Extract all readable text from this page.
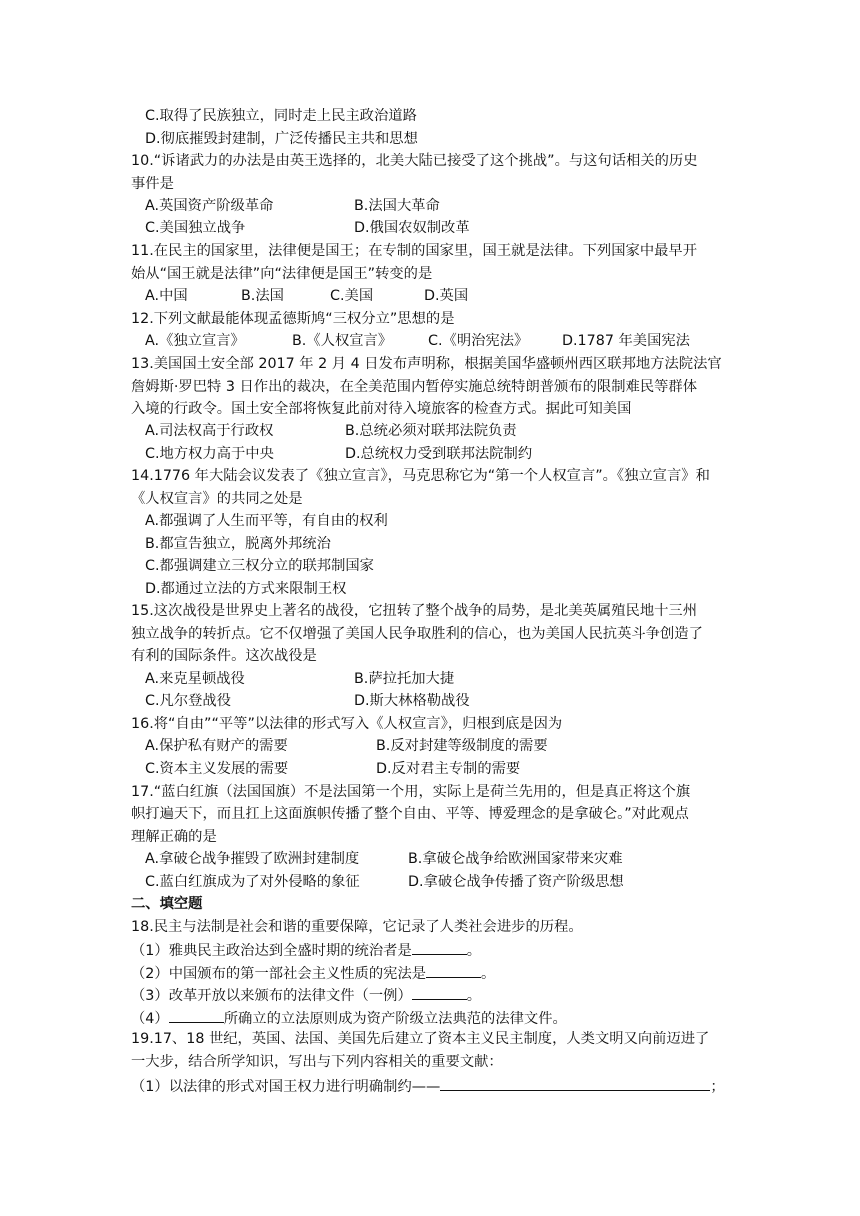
C.取得了民族独立，同时走上民主政治道路
D.彻底摧毁封建制，广泛传播民主共和思想
10.“诉诸武力的办法是由英王选择的，北美大陆已接受了这个挑战”。与这句话相关的历史
事件是
A.英国资产阶级革命	B.法国大革命
C.美国独立战争	D.俄国农奴制改革
11.在民主的国家里，法律便是国王；在专制的国家里，国王就是法律。下列国家中最早开
始从“国王就是法律”向“法律便是国王”转变的是
A.中国	B.法国	C.美国	D.英国
12.下列文献最能体现孟德斯鸠“三权分立”思想的是
A.《独立宣言》	B.《人权宣言》	C.《明治宪法》 D.1787 年美国宪法
13.美国国土安全部 2017 年 2 月 4 日发布声明称，根据美国华盛顿州西区联邦地方法院法官
詹姆斯·罗巴特 3 日作出的裁决，在全美范围内暂停实施总统特朗普颁布的限制难民等群体
入境的行政令。国土安全部将恢复此前对待入境旅客的检查方式。据此可知美国
A.司法权高于行政权	B.总统必须对联邦法院负责
C.地方权力高于中央	D.总统权力受到联邦法院制约
14.1776 年大陆会议发表了《独立宣言》，马克思称它为“第一个人权宣言”。《独立宣言》和
《人权宣言》的共同之处是
A.都强调了人生而平等，有自由的权利
B.都宣告独立，脱离外邦统治
C.都强调建立三权分立的联邦制国家
D.都通过立法的方式来限制王权
15.这次战役是世界史上著名的战役，它扭转了整个战争的局势，是北美英属殖民地十三州
独立战争的转折点。它不仅增强了美国人民争取胜利的信心，也为美国人民抗英斗争创造了
有利的国际条件。这次战役是
A.来克星顿战役	B.萨拉托加大捷
C.凡尔登战役	D.斯大林格勒战役
16.将“自由”“平等”以法律的形式写入《人权宣言》，归根到底是因为
A.保护私有财产的需要	B.反对封建等级制度的需要
C.资本主义发展的需要	D.反对君主专制的需要
17.“蓝白红旗（法国国旗）不是法国第一个用，实际上是荷兰先用的，但是真正将这个旗
帜打遍天下，而且扛上这面旗帜传播了整个自由、平等、博爱理念的是拿破仑。”对此观点
理解正确的是
A.拿破仑战争摧毁了欧洲封建制度	B.拿破仑战争给欧洲国家带来灾难
C.蓝白红旗成为了对外侵略的象征	D.拿破仑战争传播了资产阶级思想
二、填空题
18.民主与法制是社会和谐的重要保障，它记录了人类社会进步的历程。
（1）雅典民主政治达到全盛时期的统治者是	。
（2）中国颁布的第一部社会主义性质的宪法是	。
（3）改革开放以来颁布的法律文件（一例）	。
（4）	所确立的立法原则成为资产阶级立法典范的法律文件。
19.17、18 世纪，英国、法国、美国先后建立了资本主义民主制度，人类文明又向前迈进了
一大步，结合所学知识，写出与下列内容相关的重要文献：
（1）以法律的形式对国王权力进行明确制约——	；
